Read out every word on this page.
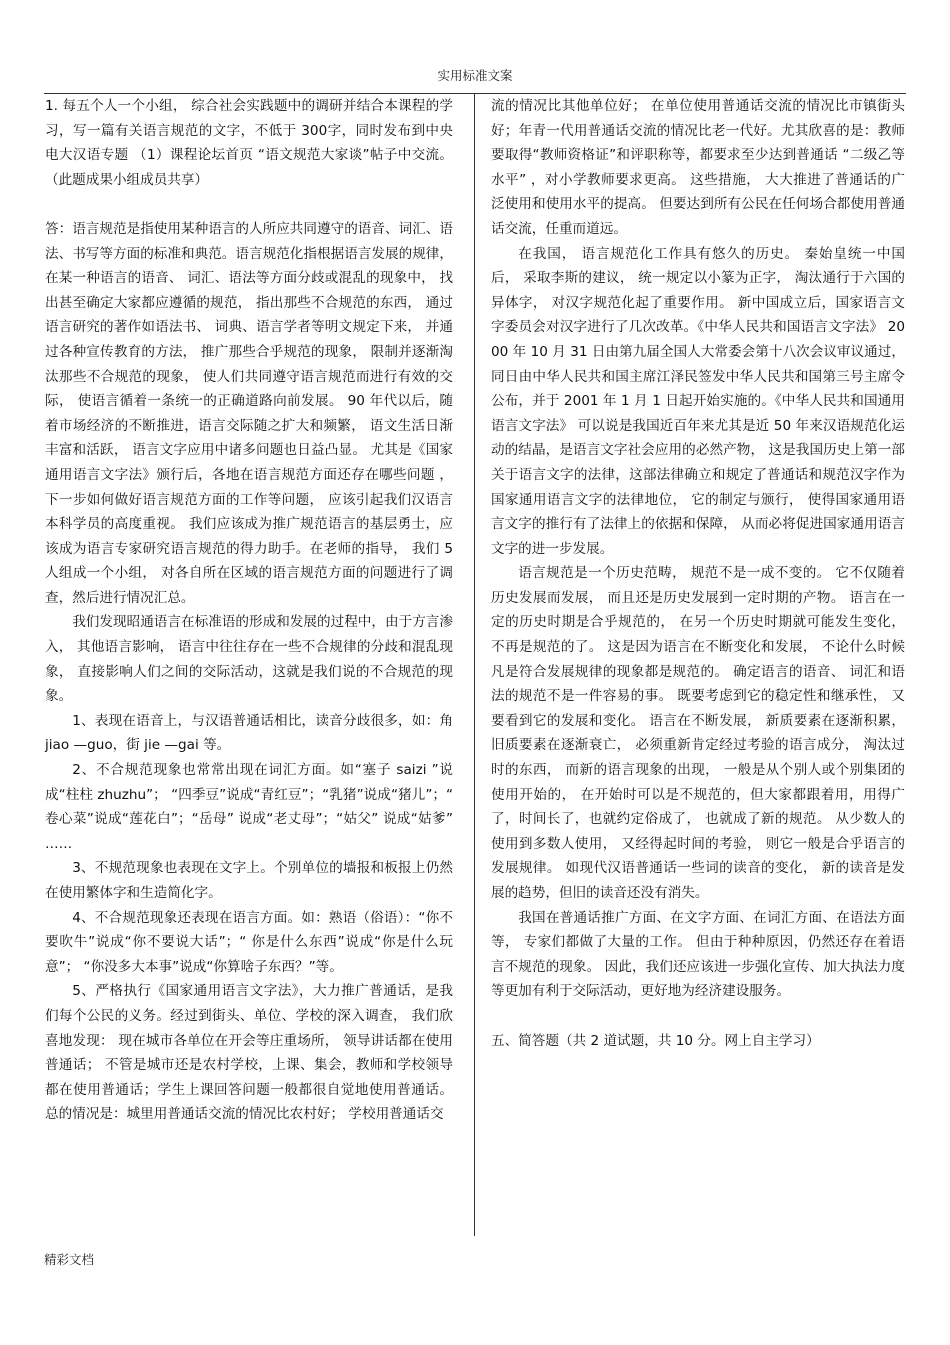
实用标准文案

1. 每五个人一个小组， 综合社会实践题中的调研并结合本课程的学习，写一篇有关语言规范的文字，不低于 300字，同时发布到中央电大汉语专题 （1）课程论坛首页 “语文规范大家谈”帖子中交流。（此题成果小组成员共享）

答：语言规范是指使用某种语言的人所应共同遵守的语音、词汇、语法、书写等方面的标准和典范。语言规范化指根据语言发展的规律， 在某一种语言的语音、 词汇、语法等方面分歧或混乱的现象中， 找出甚至确定大家都应遵循的规范， 指出那些不合规范的东西， 通过语言研究的著作如语法书、 词典、语言学者等明文规定下来， 并通过各种宣传教育的方法， 推广那些合乎规范的现象， 限制并逐渐淘汰那些不合规范的现象， 使人们共同遵守语言规范而进行有效的交际， 使语言循着一条统一的正确道路向前发展。 90 年代以后，随着市场经济的不断推进，语言交际随之扩大和频繁， 语文生活日渐丰富和活跃， 语言文字应用中诸多问题也日益凸显。 尤其是《国家通用语言文字法》颁行后，各地在语言规范方面还存在哪些问题 ，下一步如何做好语言规范方面的工作等问题， 应该引起我们汉语言本科学员的高度重视。 我们应该成为推广规范语言的基层勇士，应该成为语言专家研究语言规范的得力助手。在老师的指导， 我们 5 人组成一个小组， 对各自所在区域的语言规范方面的问题进行了调查，然后进行情况汇总。

我们发现昭通语言在标准语的形成和发展的过程中，由于方言渗入， 其他语言影响， 语言中往往存在一些不合规律的分歧和混乱现象， 直接影响人们之间的交际活动，这就是我们说的不合规范的现象。

1、表现在语音上，与汉语普通话相比，读音分歧很多，如：角 jiao —guo，街 jie —gai 等。

2、不合规范现象也常常出现在词汇方面。如“塞子 saizi ”说成“柱柱 zhuzhu”； “四季豆”说成“青红豆”；“乳猪”说成“猪儿”；“ 卷心菜”说成“莲花白”；“岳母” 说成“老丈母”；“姑父” 说成“姑爹” ……

3、不规范现象也表现在文字上。个别单位的墙报和板报上仍然在使用繁体字和生造简化字。

4、不合规范现象还表现在语言方面。如：熟语（俗语）：“你不要吹牛”说成“你不要说大话”；“ 你是什么东西”说成“你是什么玩意”； “你没多大本事”说成“你算啥子东西？”等。

5、严格执行《国家通用语言文字法》，大力推广普通话，是我们每个公民的义务。经过到街头、单位、学校的深入调查， 我们欣喜地发现： 现在城市各单位在开会等庄重场所， 领导讲话都在使用普通话； 不管是城市还是农村学校，上课、集会，教师和学校领导都在使用普通话；学生上课回答问题一般都很自觉地使用普通话。 总的情况是：城里用普通话交流的情况比农村好； 学校用普通话交

流的情况比其他单位好； 在单位使用普通话交流的情况比市镇街头好；年青一代用普通话交流的情况比老一代好。尤其欣喜的是：教师要取得“教师资格证”和评职称等，都要求至少达到普通话 “二级乙等水平” ，对小学教师要求更高。 这些措施， 大大推进了普通话的广泛使用和使用水平的提高。 但要达到所有公民在任何场合都使用普通话交流，任重而道远。

在我国， 语言规范化工作具有悠久的历史。 秦始皇统一中国后， 采取李斯的建议， 统一规定以小篆为正字， 淘汰通行于六国的异体字， 对汉字规范化起了重要作用。 新中国成立后，国家语言文字委员会对汉字进行了几次改革。《中华人民共和国语言文字法》 2000 年 10 月 31 日由第九届全国人大常委会第十八次会议审议通过， 同日由中华人民共和国主席江泽民签发中华人民共和国第三号主席令公布，并于 2001 年 1 月 1 日起开始实施的。《中华人民共和国通用语言文字法》 可以说是我国近百年来尤其是近 50 年来汉语规范化运动的结晶，是语言文字社会应用的必然产物， 这是我国历史上第一部关于语言文字的法律，这部法律确立和规定了普通话和规范汉字作为国家通用语言文字的法律地位， 它的制定与颁行， 使得国家通用语言文字的推行有了法律上的依据和保障， 从而必将促进国家通用语言文字的进一步发展。

语言规范是一个历史范畴， 规范不是一成不变的。 它不仅随着历史发展而发展， 而且还是历史发展到一定时期的产物。 语言在一定的历史时期是合乎规范的， 在另一个历史时期就可能发生变化， 不再是规范的了。 这是因为语言在不断变化和发展， 不论什么时候凡是符合发展规律的现象都是规范的。 确定语言的语音、 词汇和语法的规范不是一件容易的事。 既要考虑到它的稳定性和继承性， 又要看到它的发展和变化。 语言在不断发展， 新质要素在逐渐积累， 旧质要素在逐渐衰亡， 必须重新肯定经过考验的语言成分， 淘汰过时的东西， 而新的语言现象的出现， 一般是从个别人或个别集团的使用开始的， 在开始时可以是不规范的，但大家都跟着用，用得广了，时间长了，也就约定俗成了， 也就成了新的规范。 从少数人的使用到多数人使用， 又经得起时间的考验， 则它一般是合乎语言的发展规律。 如现代汉语普通话一些词的读音的变化， 新的读音是发展的趋势，但旧的读音还没有消失。

我国在普通话推广方面、在文字方面、在词汇方面、在语法方面等， 专家们都做了大量的工作。 但由于种种原因，仍然还存在着语言不规范的现象。 因此，我们还应该进一步强化宣传、加大执法力度等更加有利于交际活动，更好地为经济建设服务。

五、简答题（共 2 道试题，共 10 分。网上自主学习）

精彩文档
